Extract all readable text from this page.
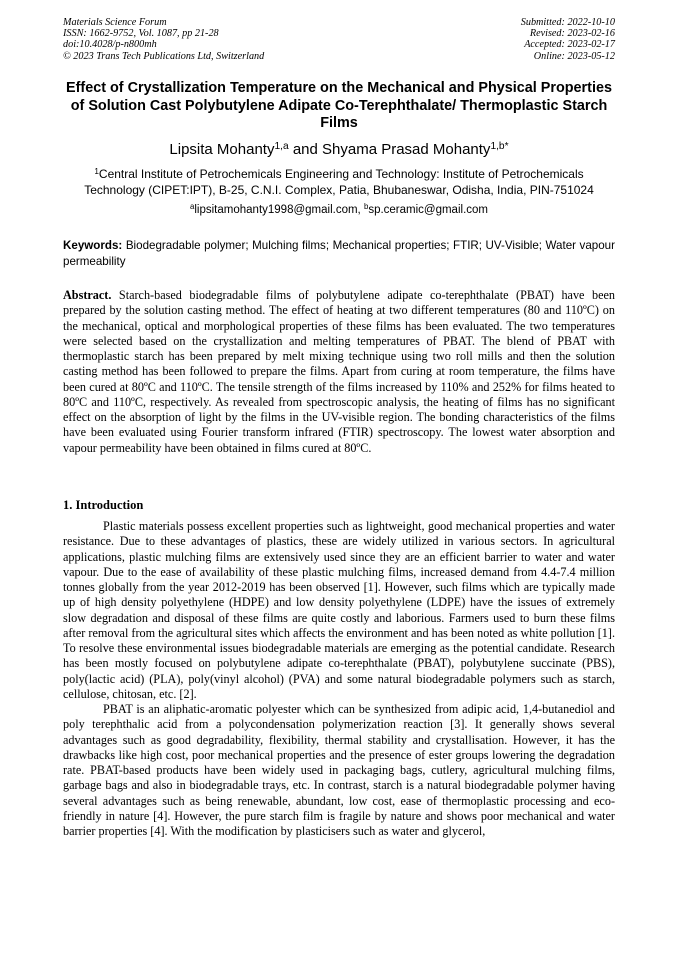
Materials Science Forum
ISSN: 1662-9752, Vol. 1087, pp 21-28
doi:10.4028/p-n800mh
© 2023 Trans Tech Publications Ltd, Switzerland
Submitted: 2022-10-10
Revised: 2023-02-16
Accepted: 2023-02-17
Online: 2023-05-12
Effect of Crystallization Temperature on the Mechanical and Physical Properties of Solution Cast Polybutylene Adipate Co-Terephthalate/ Thermoplastic Starch Films
Lipsita Mohanty$^{1,a}$ and Shyama Prasad Mohanty$^{1,b*}$
$^1$Central Institute of Petrochemicals Engineering and Technology: Institute of Petrochemicals Technology (CIPET:IPT), B-25, C.N.I. Complex, Patia, Bhubaneswar, Odisha, India, PIN-751024
$^a$lipsitamohanty1998@gmail.com, $^b$sp.ceramic@gmail.com
Keywords: Biodegradable polymer; Mulching films; Mechanical properties; FTIR; UV-Visible; Water vapour permeability
Abstract. Starch-based biodegradable films of polybutylene adipate co-terephthalate (PBAT) have been prepared by the solution casting method. The effect of heating at two different temperatures (80 and 110ºC) on the mechanical, optical and morphological properties of these films has been evaluated. The two temperatures were selected based on the crystallization and melting temperatures of PBAT. The blend of PBAT with thermoplastic starch has been prepared by melt mixing technique using two roll mills and then the solution casting method has been followed to prepare the films. Apart from curing at room temperature, the films have been cured at 80ºC and 110ºC. The tensile strength of the films increased by 110% and 252% for films heated to 80ºC and 110ºC, respectively. As revealed from spectroscopic analysis, the heating of films has no significant effect on the absorption of light by the films in the UV-visible region. The bonding characteristics of the films have been evaluated using Fourier transform infrared (FTIR) spectroscopy. The lowest water absorption and vapour permeability have been obtained in films cured at 80ºC.
1. Introduction

Plastic materials possess excellent properties such as lightweight, good mechanical properties and water resistance. Due to these advantages of plastics, these are widely utilized in various sectors. In agricultural applications, plastic mulching films are extensively used since they are an efficient barrier to water and water vapour. Due to the ease of availability of these plastic mulching films, increased demand from 4.4-7.4 million tonnes globally from the year 2012-2019 has been observed [1]. However, such films which are typically made up of high density polyethylene (HDPE) and low density polyethylene (LDPE) have the issues of extremely slow degradation and disposal of these films are quite costly and laborious. Farmers used to burn these films after removal from the agricultural sites which affects the environment and has been noted as white pollution [1]. To resolve these environmental issues biodegradable materials are emerging as the potential candidate. Research has been mostly focused on polybutylene adipate co-terephthalate (PBAT), polybutylene succinate (PBS), poly(lactic acid) (PLA), poly(vinyl alcohol) (PVA) and some natural biodegradable polymers such as starch, cellulose, chitosan, etc. [2].

PBAT is an aliphatic-aromatic polyester which can be synthesized from adipic acid, 1,4-butanediol and poly terephthalic acid from a polycondensation polymerization reaction [3]. It generally shows several advantages such as good degradability, flexibility, thermal stability and crystallisation. However, it has the drawbacks like high cost, poor mechanical properties and the presence of ester groups lowering the degradation rate. PBAT-based products have been widely used in packaging bags, cutlery, agricultural mulching films, garbage bags and also in biodegradable trays, etc. In contrast, starch is a natural biodegradable polymer having several advantages such as being renewable, abundant, low cost, ease of thermoplastic processing and eco-friendly in nature [4]. However, the pure starch film is fragile by nature and shows poor mechanical and water barrier properties [4]. With the modification by plasticisers such as water and glycerol,
